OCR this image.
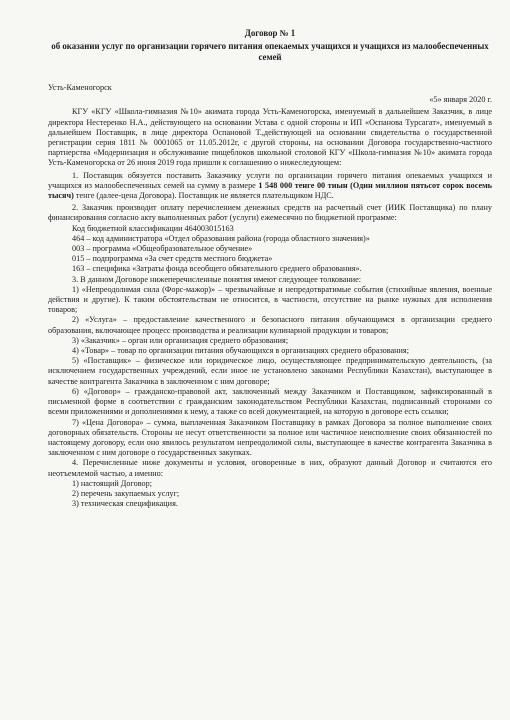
Договор № 1
об оказании услуг по организации горячего питания опекаемых учащихся и учащихся из малообеспеченных семей
Усть-Каменогорск
«5» января 2020 г.

КГУ «КГУ «Школа-гимназия №10» акимата города Усть-Каменогорска, именуемый в дальнейшем Заказчик, в лице директора Нестеренко Н.А., действующего на основании Устава с одной стороны и ИП «Оспанова Турсагат», именуемый в дальнейшем Поставщик, в лице директора Оспановой Т.,действующей на основании свидетельства о государственной регистрации серия 1811 № 0001065 от 11.05.2012г, с другой стороны, на основании Договора государственно-частного партнерства «Модернизация и обслуживание пищеблоков школьной столовой КГУ «Школа-гимназия №10» акимата города Усть-Каменогорска от 26 июня 2019 года пришли к соглашению о нижеследующем:

1. Поставщик обязуется поставить Заказчику услуги по организации горячего питания опекаемых учащихся и учащихся из малообеспеченных семей на сумму в размере 1 548 000 тенге 00 тиын (Один миллион пятьсот сорок восемь тысяч) тенге (далее-цена Договора). Поставщик не является плательщиком НДС.

2. Заказчик производит оплату перечислением денежных средств на расчетный счет (ИИК Поставщика) по плану финансирования согласно акту выполненных работ (услуги) ежемесячно по бюджетной программе:

Код бюджетной классификации 464003015163
464 – код администратора «Отдел образования района (города областного значения)»
003 – программа «Общеобразовательное обучение»
015 – подпрограмма «За счет средств местного бюджета»
163 – специфика «Затраты фонда всеобщего обязательного среднего образования».

3. В данном Договоре нижеперечисленные понятия имеют следующее толкование:

1) «Непреодолимая сила (Форс-мажор)» – чрезвычайные и непредотвратимые события (стихийные явления, военные действия и другие). К таким обстоятельствам не относится, в частности, отсутствие на рынке нужных для исполнения товаров;

2) «Услуга» – предоставление качественного и безопасного питания обучающимся в организации среднего образования, включающее процесс производства и реализации кулинарной продукции и товаров;

3) «Заказчик» – орган или организация среднего образования;

4) «Товар» – товар по организации питания обучающихся в организациях среднего образования;

5) «Поставщик» – физическое или юридическое лицо, осуществляющее предпринимательскую деятельность, (за исключением государственных учреждений, если иное не установлено законами Республики Казахстан), выступающее в качестве контрагента Заказчика в заключенном с ним договоре;

6) «Договор» – гражданско-правовой акт, заключенный между Заказчиком и Поставщиком, зафиксированный в письменной форме в соответствии с гражданским законодательством Республики Казахстан, подписанный сторонами со всеми приложениями и дополнениями к нему, а также со всей документацией, на которую в договоре есть ссылки;

7) «Цена Договора» – сумма, выплаченная Заказчиком Поставщику в рамках Договора за полное выполнение своих договорных обязательств. Стороны не несут ответственности за полное или частичное неисполнение своих обязанностей по настоящему договору, если оно явилось результатом непреодолимой силы, выступающее в качестве контрагента Заказчика в заключенном с ним договоре о государственных закупках.

4. Перечисленные ниже документы и условия, оговоренные в них, образуют данный Договор и считаются его неотъемлемой частью, а именно:

1) настоящий Договор;
2) перечень закупаемых услуг;
3) техническая спецификация.
